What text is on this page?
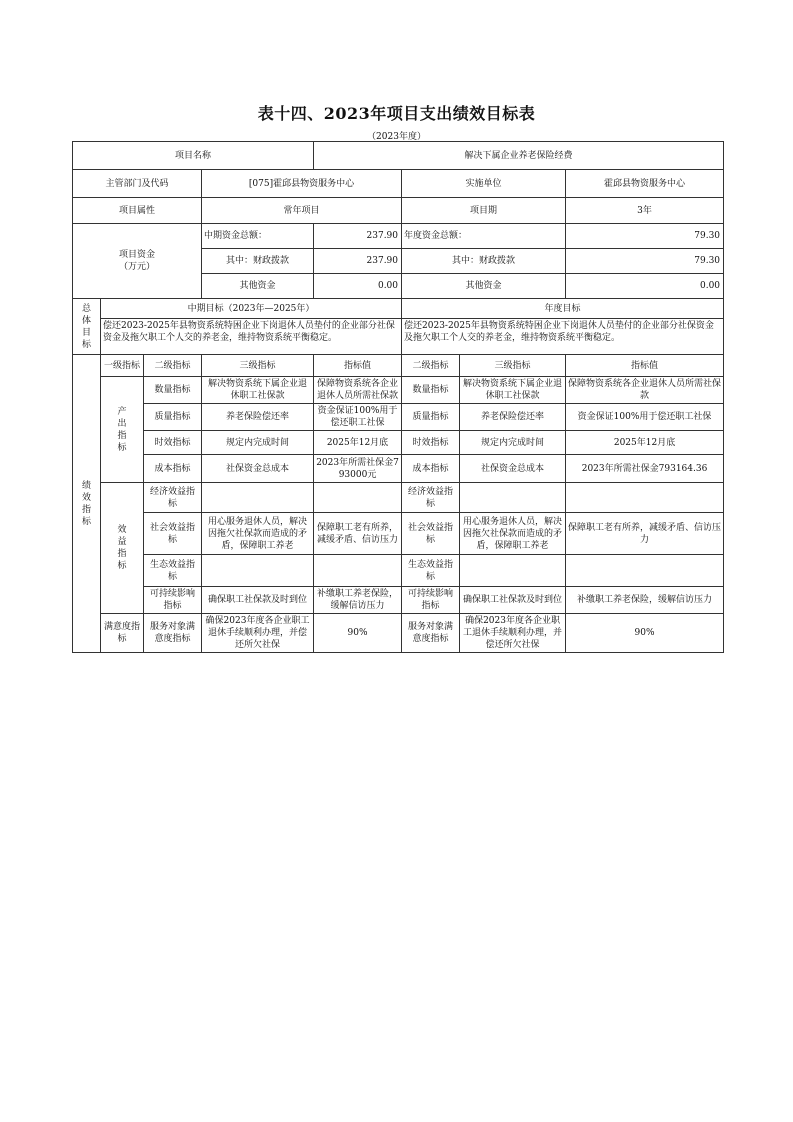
表十四、2023年项目支出绩效目标表
（2023年度）
项目名称				解决下属企业养老保险经费			
主管部门及代码			[075]霍邱县物资服务中心		实施单位		霍邱县物资服务中心
项目属性			常年项目		项目期		3年

项目资金
（万元）			中期资金总额：	237.90	年度资金总额：		79.30
			其中：财政拨款	237.90	其中：财政拨款		79.30
			其他资金	0.00	其他资金		0.00

总体目标	中期目标（2023年—2025年）				年度目标		
	偿还2023-2025年县物资系统特困企业下岗退休人员垫付的企业部分社保资金及拖欠职工个人交的养老金，维持物资系统平衡稳定。				偿还2023-2025年县物资系统特困企业下岗退休人员垫付的企业部分社保资金及拖欠职工个人交的养老金，维持物资系统平衡稳定。		

绩效指标	一级指标	二级指标	三级指标	指标值	二级指标	三级指标	指标值

	产出指标	数量指标	解决物资系统下属企业退休职工社保款	保障物资系统各企业退休人员所需社保款	数量指标	解决物资系统下属企业退休职工社保款	保障物资系统各企业退休人员所需社保款
		质量指标	养老保险偿还率	资金保证100%用于偿还职工社保	质量指标	养老保险偿还率	资金保证100%用于偿还职工社保
		时效指标	规定内完成时间	2025年12月底	时效指标	规定内完成时间	2025年12月底
		成本指标	社保资金总成本	2023年所需社保金793000元	成本指标	社保资金总成本	2023年所需社保金793164.36

	效益指标	经济效益指标			经济效益指标		
		社会效益指标	用心服务退休人员，解决因拖欠社保款而造成的矛盾，保障职工养老	保障职工老有所养，减缓矛盾、信访压力	社会效益指标	用心服务退休人员，解决因拖欠社保款而造成的矛盾，保障职工养老	保障职工老有所养，减缓矛盾、信访压力
		生态效益指标			生态效益指标		
		可持续影响指标	确保职工社保款及时到位	补缴职工养老保险，缓解信访压力	可持续影响指标	确保职工社保款及时到位	补缴职工养老保险，缓解信访压力
	满意度指标	服务对象满意度指标	确保2023年度各企业职工退休手续顺利办理，并偿还所欠社保	90%	服务对象满意度指标	确保2023年度各企业职工退休手续顺利办理，并偿还所欠社保	90%
